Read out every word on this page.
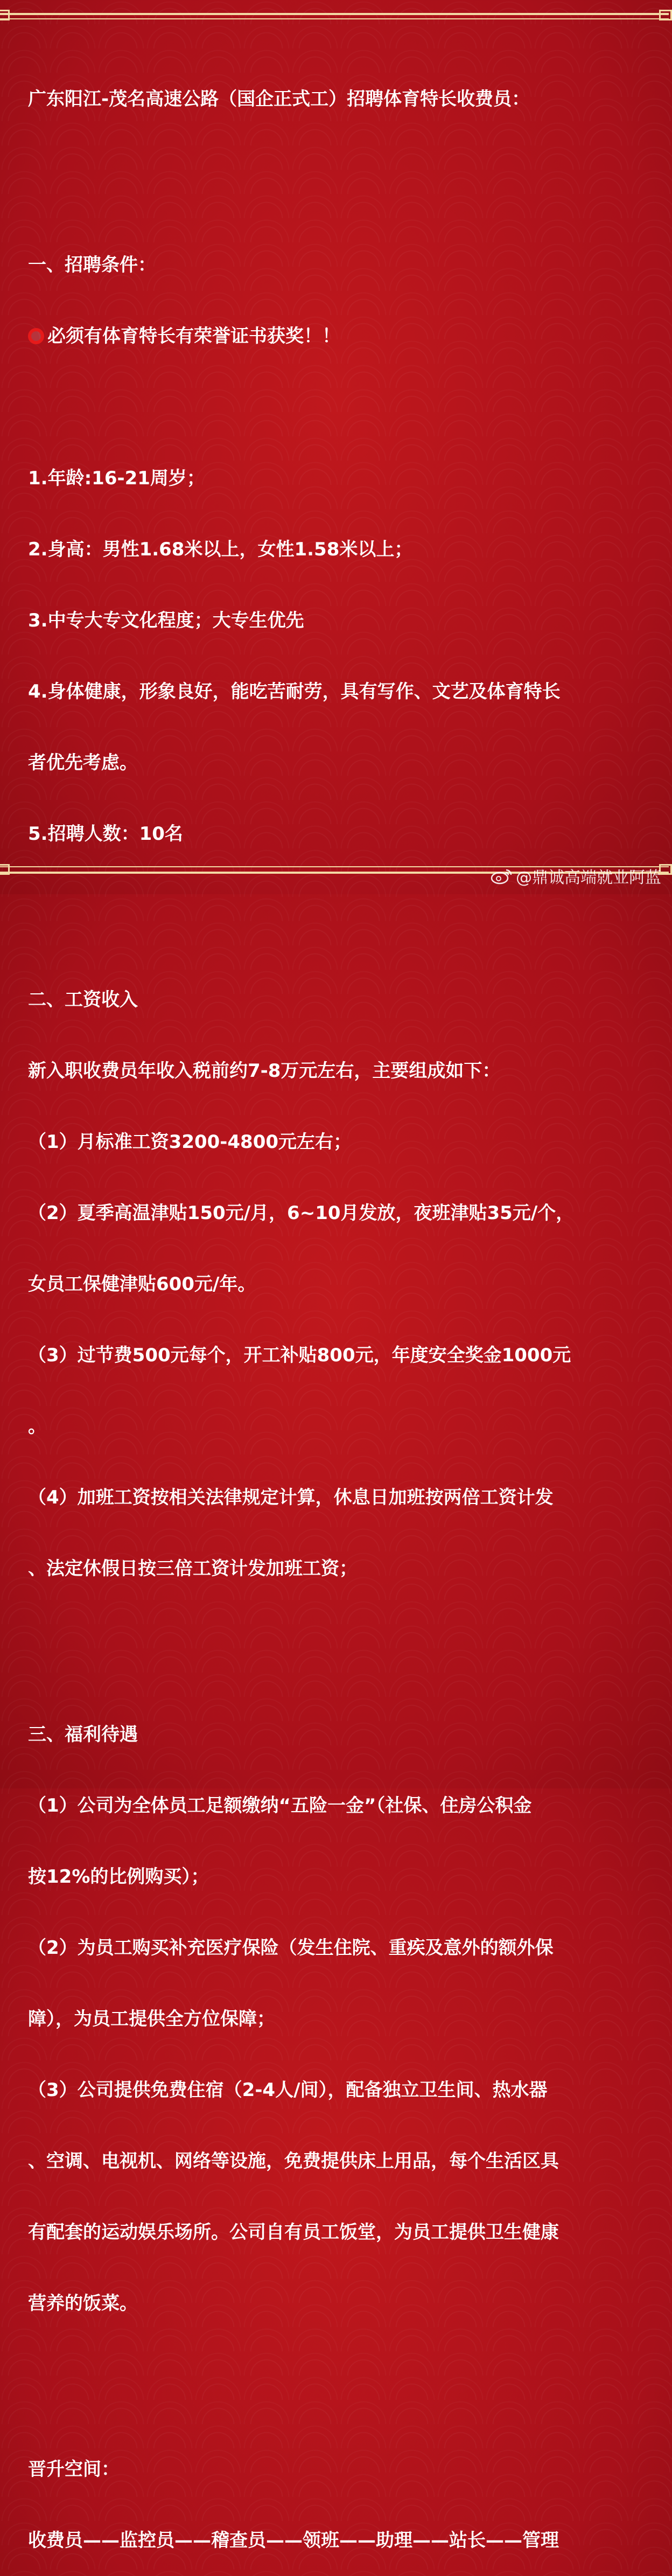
广东阳江-茂名高速公路（国企正式工）招聘体育特长收费员：

一、招聘条件：

必须有体育特长有荣誉证书获奖！！

1.年龄:16-21周岁；

2.身高：男性1.68米以上，女性1.58米以上；

3.中专大专文化程度；大专生优先

4.身体健康，形象良好，能吃苦耐劳，具有写作、文艺及体育特长

者优先考虑。

5.招聘人数：10名

二、工资收入

新入职收费员年收入税前约7-8万元左右，主要组成如下：

（1）月标准工资3200-4800元左右；

（2）夏季高温津贴150元/月，6~10月发放，夜班津贴35元/个，

女员工保健津贴600元/年。

（3）过节费500元每个，开工补贴800元，年度安全奖金1000元

。

（4）加班工资按相关法律规定计算，休息日加班按两倍工资计发

、法定休假日按三倍工资计发加班工资；

三、福利待遇

（1）公司为全体员工足额缴纳“五险一金”（社保、住房公积金

按12%的比例购买）；

（2）为员工购买补充医疗保险（发生住院、重疾及意外的额外保

障），为员工提供全方位保障；

（3）公司提供免费住宿（2-4人/间），配备独立卫生间、热水器

、空调、电视机、网络等设施，免费提供床上用品，每个生活区具

有配套的运动娱乐场所。公司自有员工饭堂，为员工提供卫生健康

营养的饭菜。

晋升空间：

收费员——监控员——稽查员——领班——助理——站长——管理

@鼎诚高端就业阿蓝
